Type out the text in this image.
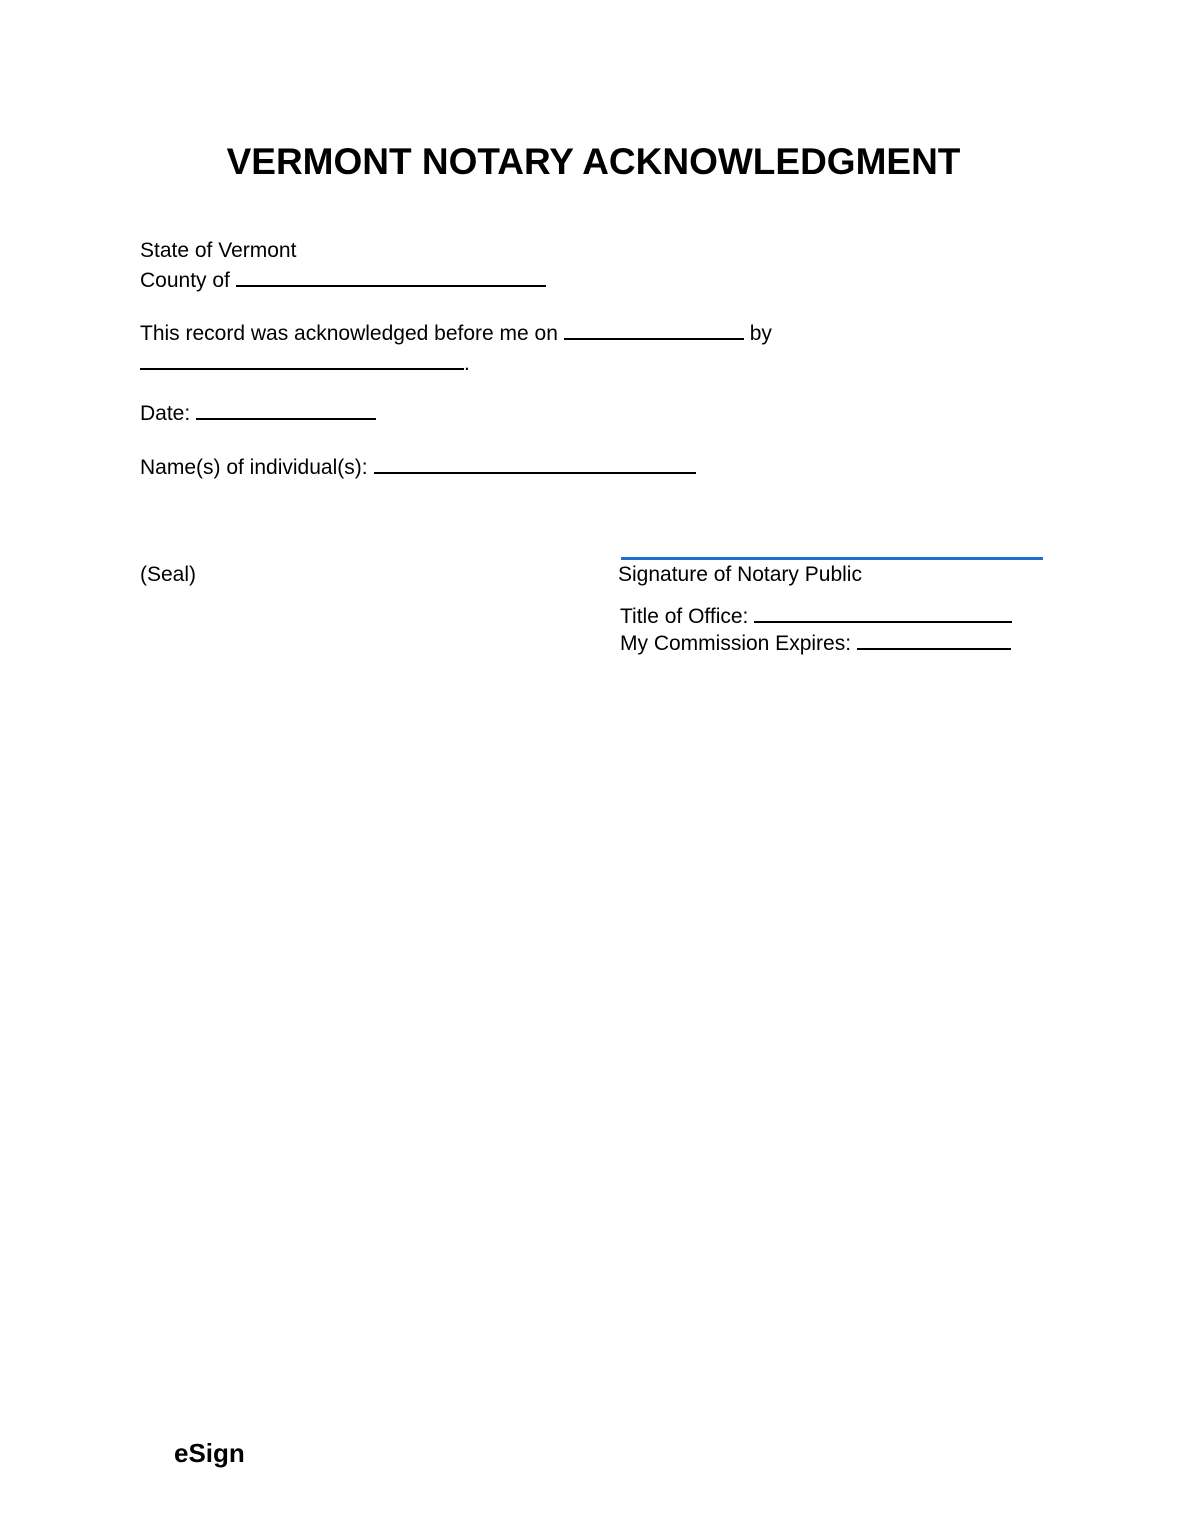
VERMONT NOTARY ACKNOWLEDGMENT
State of Vermont
County of
This record was acknowledged before me on	by
.
Date:
Name(s) of individual(s):
(Seal)	Signature of Notary Public
Title of Office:
My Commission Expires:
eSign
